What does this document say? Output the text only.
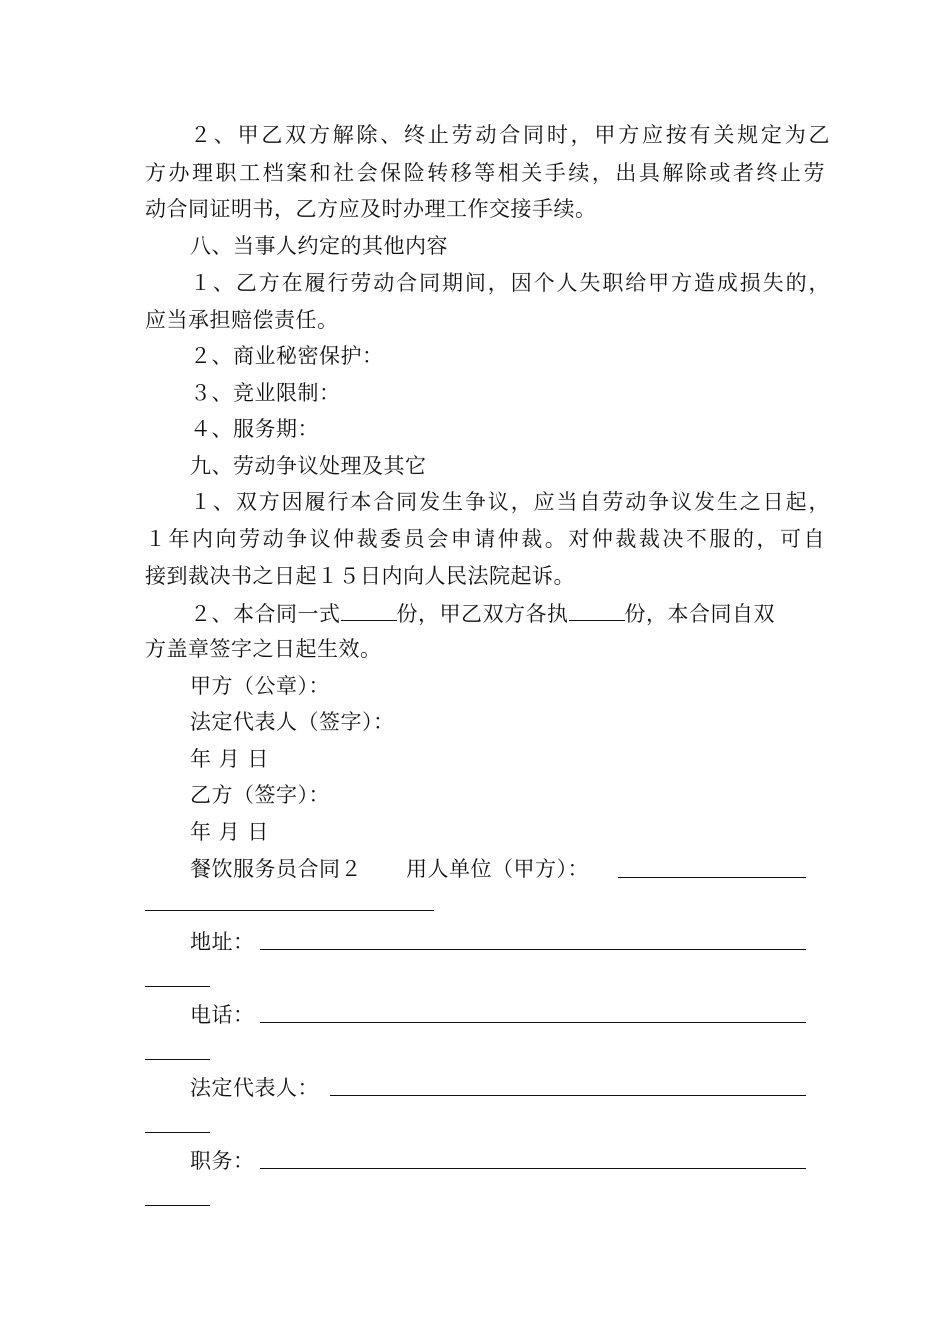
２、甲乙双方解除、终止劳动合同时，甲方应按有关规定为乙
方办理职工档案和社会保险转移等相关手续，出具解除或者终止劳
动合同证明书，乙方应及时办理工作交接手续。
八、当事人约定的其他内容
１、乙方在履行劳动合同期间，因个人失职给甲方造成损失的，
应当承担赔偿责任。
２、商业秘密保护：
３、竞业限制：
４、服务期：
九、劳动争议处理及其它
１、双方因履行本合同发生争议，应当自劳动争议发生之日起，
１年内向劳动争议仲裁委员会申请仲裁。对仲裁裁决不服的，可自
接到裁决书之日起１５日内向人民法院起诉。
２、本合同一式	份，甲乙双方各执	份，本合同自双
方盖章签字之日起生效。
甲方（公章）：
法定代表人（签字）：
年 月 日
乙方（签字）：
年 月 日
餐饮服务员合同２ 用人单位（甲方）：
地址：
电话：
法定代表人：
职务：
